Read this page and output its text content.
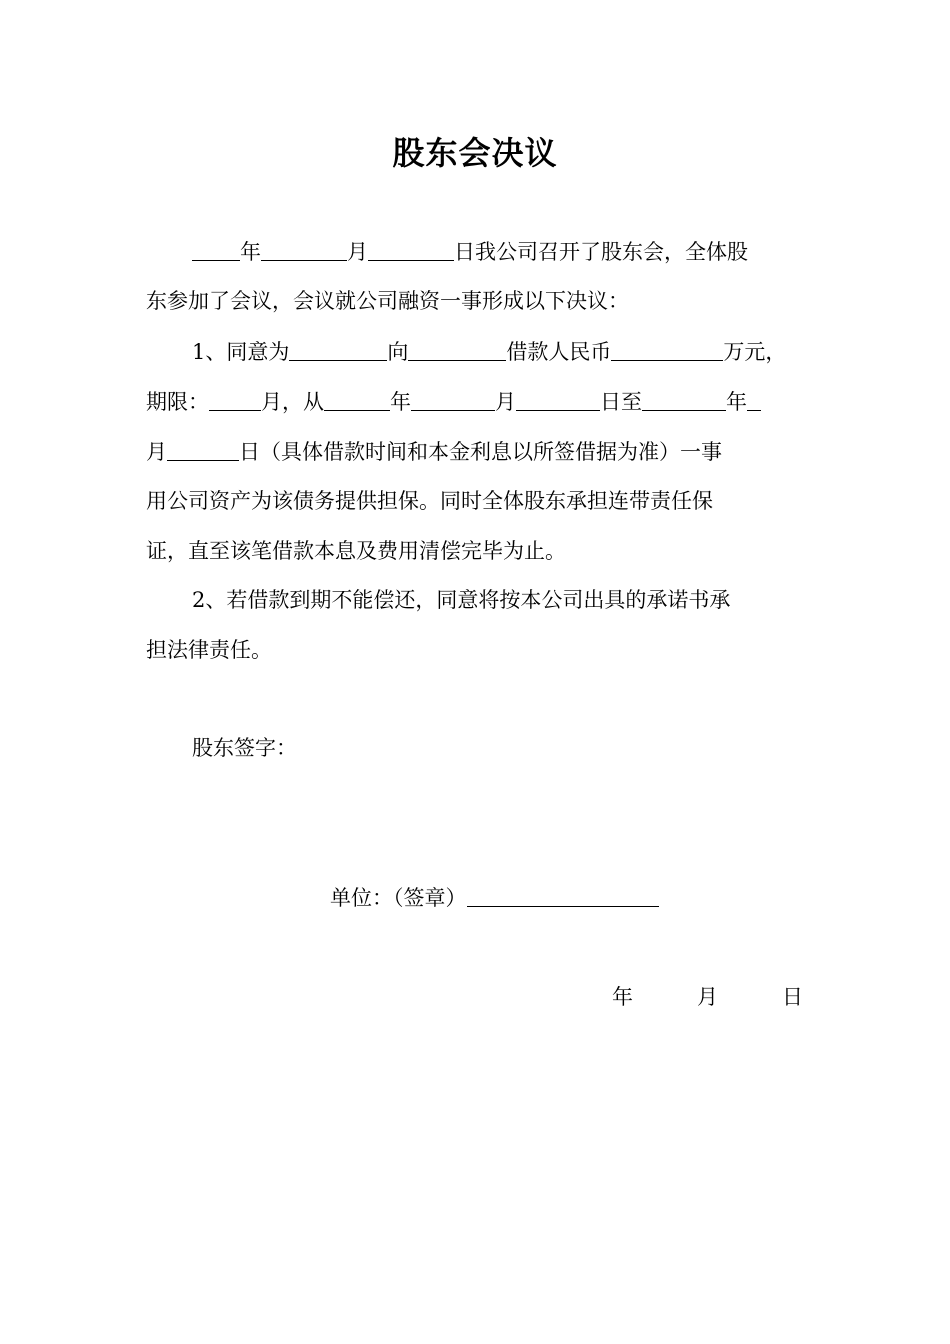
股东会决议
年	月	日我公司召开了股东会，全体股
东参加了会议，会议就公司融资一事形成以下决议：
1、同意为	向	借款人民币	万元，
期限： 月，从	年	月	日至	年
月	日（具体借款时间和本金利息以所签借据为准）一事
用公司资产为该债务提供担保。同时全体股东承担连带责任保
证，直至该笔借款本息及费用清偿完毕为止。
2、若借款到期不能偿还，同意将按本公司出具的承诺书承
担法律责任。
股东签字：
单位：（签章）
年	月	日
